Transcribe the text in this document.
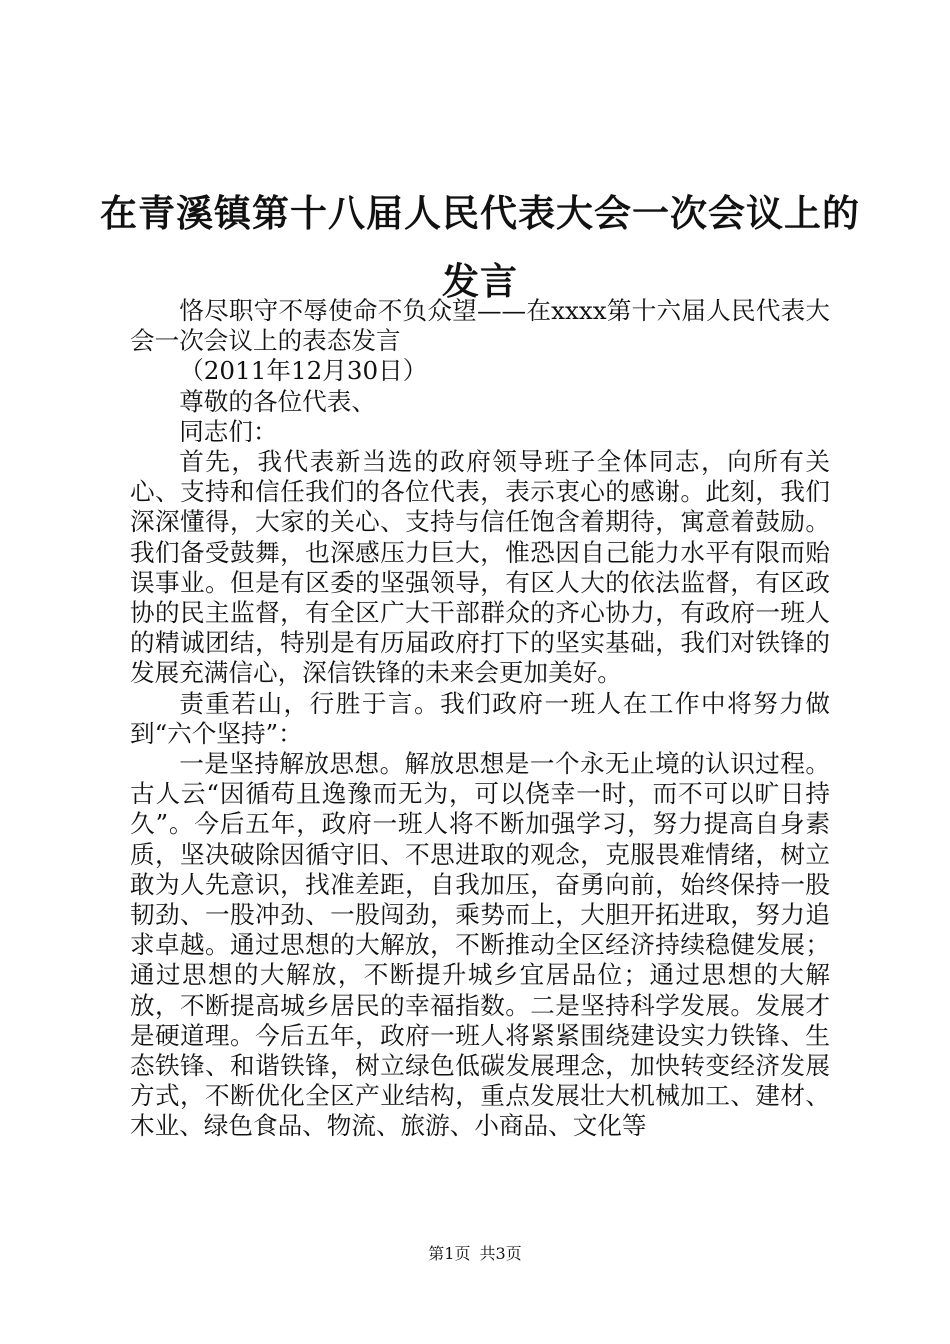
在青溪镇第十八届人民代表大会一次会议上的
发言

恪尽职守不辱使命不负众望——在xxxx第十六届人民代表大会一次会议上的表态发言

（2011年12月30日）

尊敬的各位代表、

同志们：

首先，我代表新当选的政府领导班子全体同志，向所有关心、支持和信任我们的各位代表，表示衷心的感谢。此刻，我们深深懂得，大家的关心、支持与信任饱含着期待，寓意着鼓励。我们备受鼓舞，也深感压力巨大，惟恐因自己能力水平有限而贻误事业。但是有区委的坚强领导，有区人大的依法监督，有区政协的民主监督，有全区广大干部群众的齐心协力，有政府一班人的精诚团结，特别是有历届政府打下的坚实基础，我们对铁锋的发展充满信心，深信铁锋的未来会更加美好。

责重若山，行胜于言。我们政府一班人在工作中将努力做到“六个坚持”：

一是坚持解放思想。解放思想是一个永无止境的认识过程。古人云“因循苟且逸豫而无为，可以侥幸一时，而不可以旷日持久”。今后五年，政府一班人将不断加强学习，努力提高自身素质，坚决破除因循守旧、不思进取的观念，克服畏难情绪，树立敢为人先意识，找准差距，自我加压，奋勇向前，始终保持一股韧劲、一股冲劲、一股闯劲，乘势而上，大胆开拓进取，努力追求卓越。通过思想的大解放，不断推动全区经济持续稳健发展；通过思想的大解放，不断提升城乡宜居品位；通过思想的大解放，不断提高城乡居民的幸福指数。二是坚持科学发展。发展才是硬道理。今后五年，政府一班人将紧紧围绕建设实力铁锋、生态铁锋、和谐铁锋，树立绿色低碳发展理念，加快转变经济发展方式，不断优化全区产业结构，重点发展壮大机械加工、建材、木业、绿色食品、物流、旅游、小商品、文化等

第1页 共3页
